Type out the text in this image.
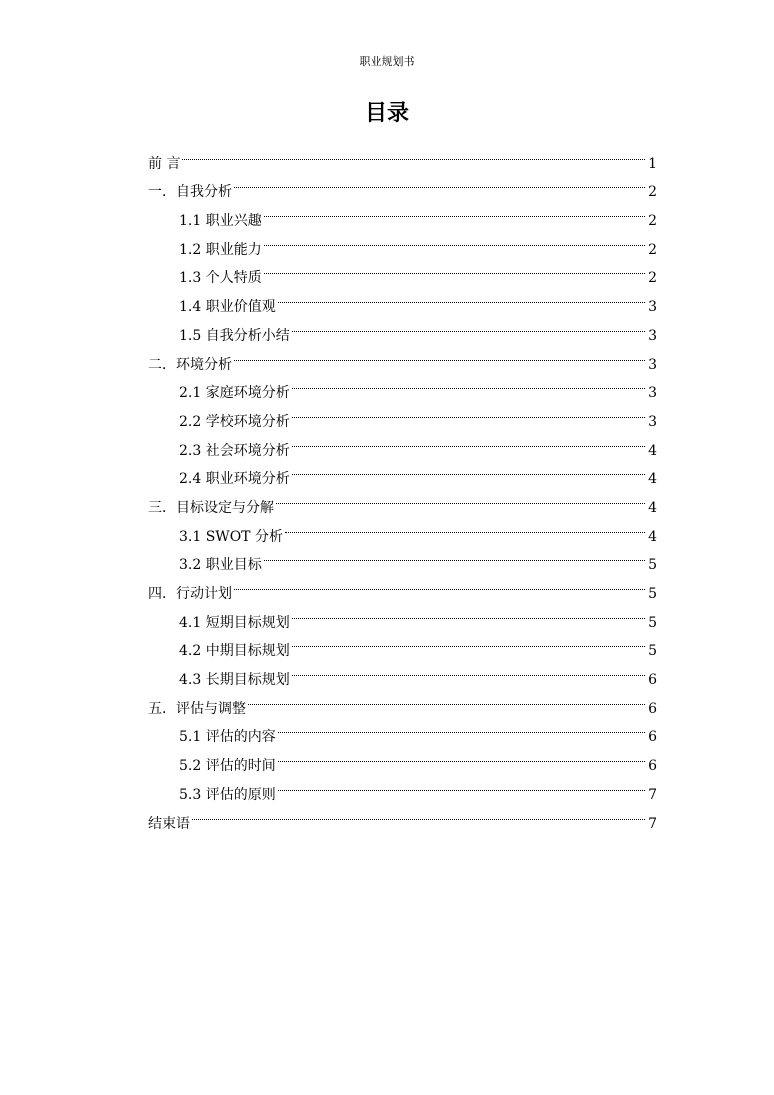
职业规划书
目录
前 言	1
一．自我分析	2
1.1 职业兴趣	2
1.2 职业能力	2
1.3 个人特质	2
1.4 职业价值观	3
1.5 自我分析小结	3
二．环境分析	3
2.1 家庭环境分析	3
2.2 学校环境分析	3
2.3 社会环境分析	4
2.4 职业环境分析	4
三．目标设定与分解	4
3.1 SWOT 分析	4
3.2 职业目标	5
四．行动计划	5
4.1 短期目标规划	5
4.2 中期目标规划	5
4.3 长期目标规划	6
五．评估与调整	6
5.1 评估的内容	6
5.2 评估的时间	6
5.3 评估的原则	7
结束语	7
